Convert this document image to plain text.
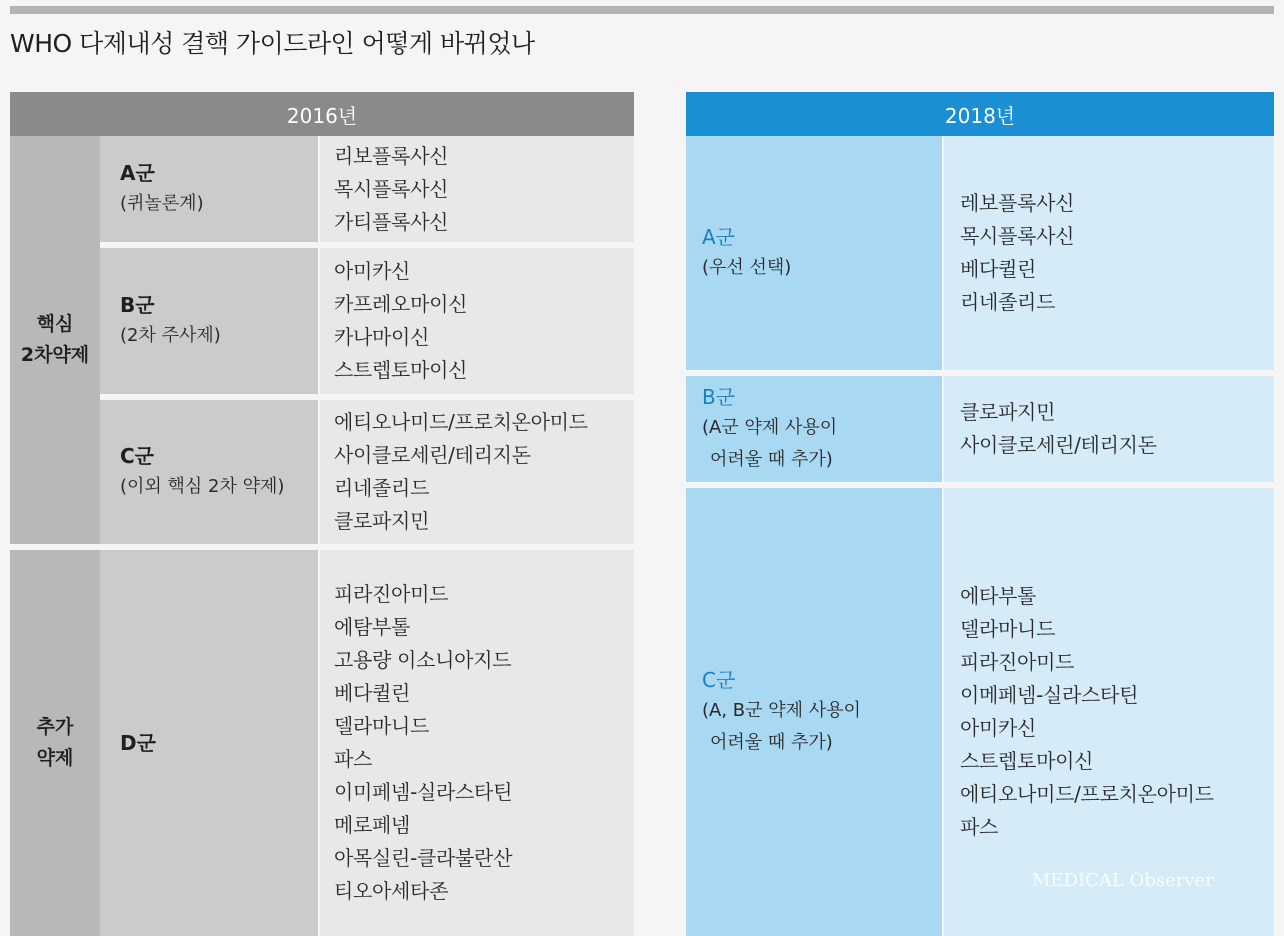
WHO 다제내성 결핵 가이드라인 어떻게 바뀌었나
2016년
핵심
2차약제
추가
약제
A군
(퀴놀론계)
리보플록사신
목시플록사신
가티플록사신
B군
(2차 주사제)
아미카신
카프레오마이신
카나마이신
스트렙토마이신
C군
(이외 핵심 2차 약제)
에티오나미드/프로치온아미드
사이클로세린/테리지돈
리네졸리드
클로파지민
D군
피라진아미드
에탐부톨
고용량 이소니아지드
베다퀼린
델라마니드
파스
이미페넴-실라스타틴
메로페넴
아목실린-클라불란산
티오아세타존
2018년
A군
(우선 선택)
레보플록사신
목시플록사신
베다퀼린
리네졸리드
B군
(A군 약제 사용이
어려울 때 추가)
클로파지민
사이클로세린/테리지돈
C군
(A, B군 약제 사용이
어려울 때 추가)
에타부톨
델라마니드
피라진아미드
이메페넴-실라스타틴
아미카신
스트렙토마이신
에티오나미드/프로치온아미드
파스
MEDICAL Observer
